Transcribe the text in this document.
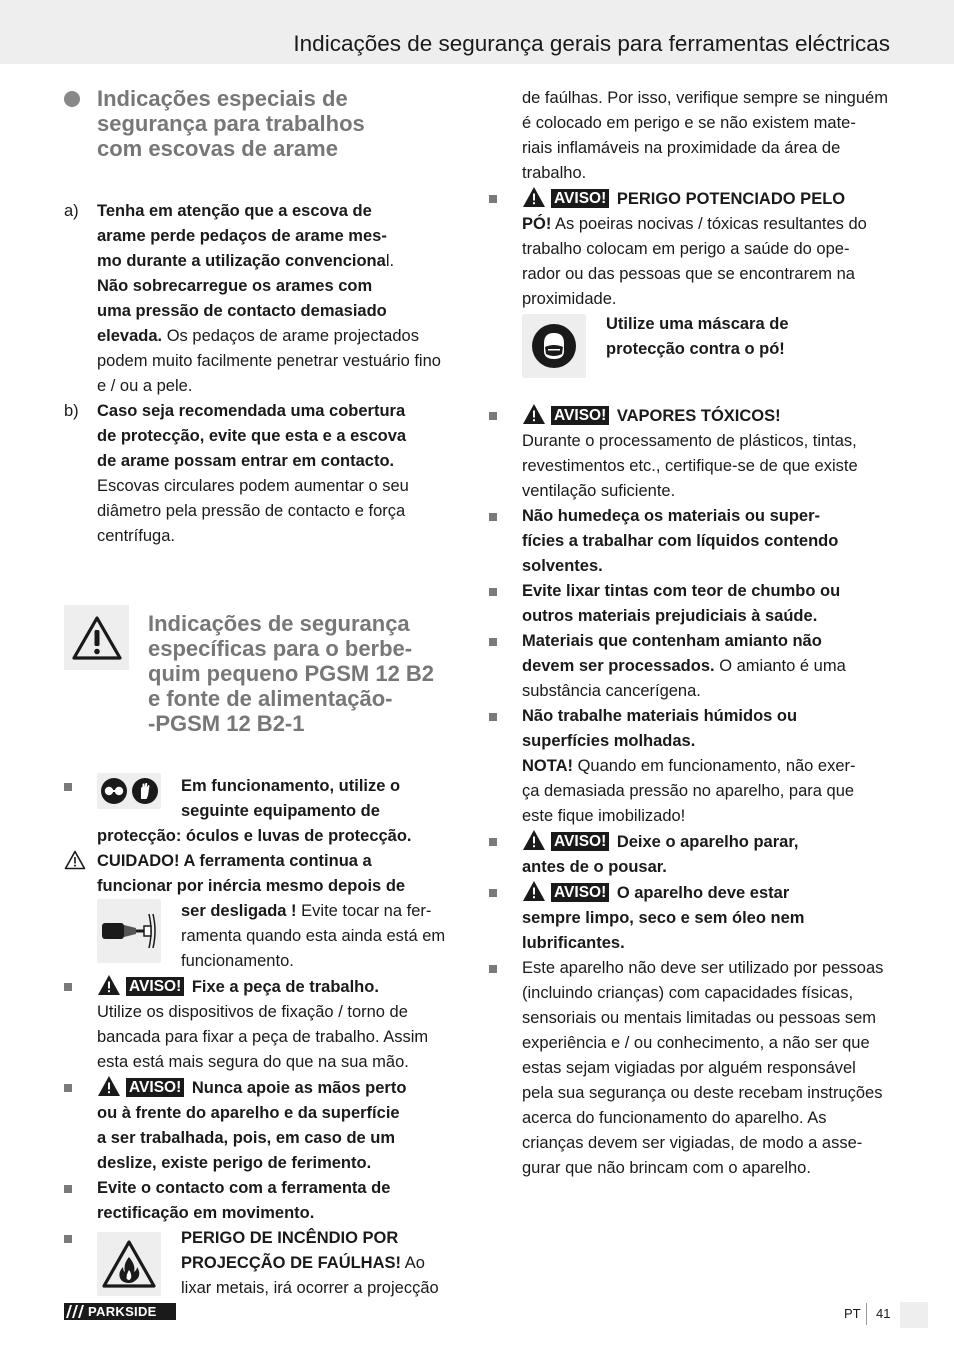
Indicações de segurança gerais para ferramentas eléctricas
Indicações especiais de
segurança para trabalhos
com escovas de arame
a)	Tenha em atenção que a escova de
arame perde pedaços de arame mes-
mo durante a utilização convencional.
Não sobrecarregue os arames com
uma pressão de contacto demasiado
elevada. Os pedaços de arame projectados
podem muito facilmente penetrar vestuário fino
e / ou a pele.
b)	Caso seja recomendada uma cobertura
de protecção, evite que esta e a escova
de arame possam entrar em contacto.
Escovas circulares podem aumentar o seu
diâmetro pela pressão de contacto e força
centrífuga.
Indicações de segurança
específicas para o berbe-
quim pequeno PGSM 12 B2
e fonte de alimentação-
-PGSM 12 B2-1
Em funcionamento, utilize o
seguinte equipamento de
protecção: óculos e luvas de protecção.
CUIDADO! A ferramenta continua a
funcionar por inércia mesmo depois de
ser desligada ! Evite tocar na fer-
ramenta quando esta ainda está em
funcionamento.
AVISO! Fixe a peça de trabalho.
Utilize os dispositivos de fixação / torno de
bancada para fixar a peça de trabalho. Assim
esta está mais segura do que na sua mão.
AVISO! Nunca apoie as mãos perto
ou à frente do aparelho e da superfície
a ser trabalhada, pois, em caso de um
deslize, existe perigo de ferimento.
Evite o contacto com a ferramenta de
rectificação em movimento.
PERIGO DE INCÊNDIO POR
PROJECÇÃO DE FAÚLHAS! Ao
lixar metais, irá ocorrer a projecção
de faúlhas. Por isso, verifique sempre se ninguém
é colocado em perigo e se não existem mate-
riais inflamáveis na proximidade da área de
trabalho.
AVISO! PERIGO POTENCIADO PELO
PÓ! As poeiras nocivas / tóxicas resultantes do
trabalho colocam em perigo a saúde do ope-
rador ou das pessoas que se encontrarem na
proximidade.
Utilize uma máscara de
protecção contra o pó!
AVISO! VAPORES TÓXICOS!
Durante o processamento de plásticos, tintas,
revestimentos etc., certifique-se de que existe
ventilação suficiente.
Não humedeça os materiais ou super-
fícies a trabalhar com líquidos contendo
solventes.
Evite lixar tintas com teor de chumbo ou
outros materiais prejudiciais à saúde.
Materiais que contenham amianto não
devem ser processados. O amianto é uma
substância cancerígena.
Não trabalhe materiais húmidos ou
superfícies molhadas.
NOTA! Quando em funcionamento, não exer-
ça demasiada pressão no aparelho, para que
este fique imobilizado!
AVISO! Deixe o aparelho parar,
antes de o pousar.
AVISO! O aparelho deve estar
sempre limpo, seco e sem óleo nem
lubrificantes.
Este aparelho não deve ser utilizado por pessoas
(incluindo crianças) com capacidades físicas,
sensoriais ou mentais limitadas ou pessoas sem
experiência e / ou conhecimento, a não ser que
estas sejam vigiadas por alguém responsável
pela sua segurança ou deste recebam instruções
acerca do funcionamento do aparelho. As
crianças devem ser vigiadas, de modo a asse-
gurar que não brincam com o aparelho.
PARKSIDE	PT 41
